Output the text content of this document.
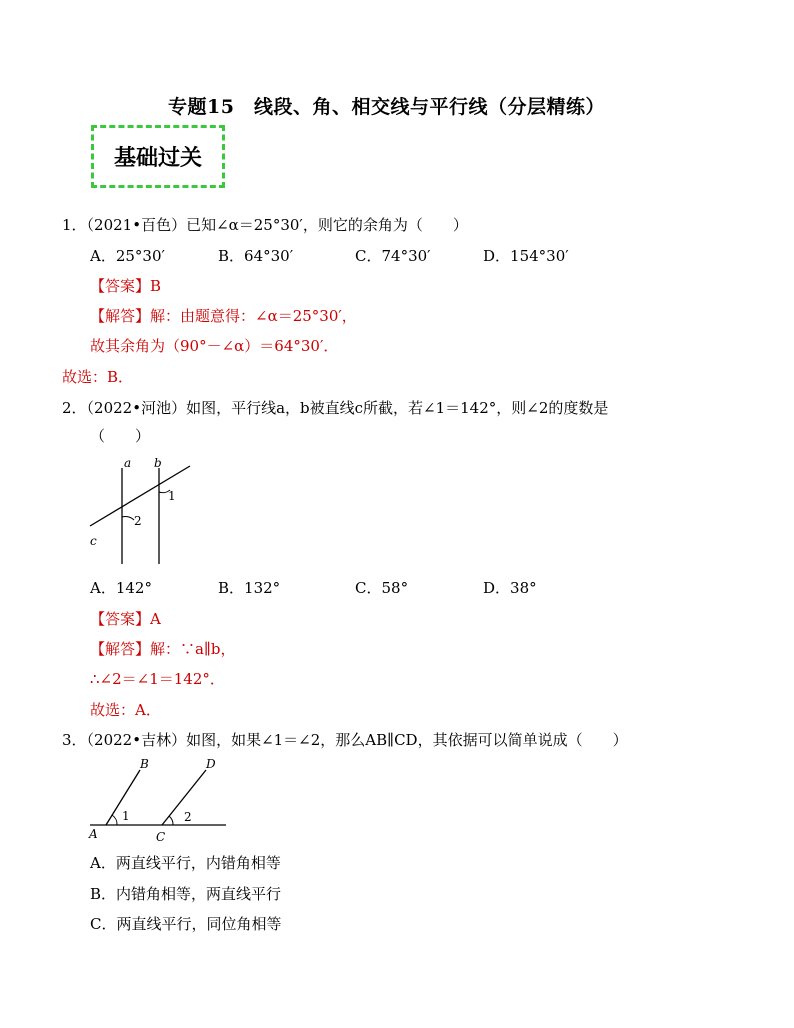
专题15　线段、角、相交线与平行线（分层精练）
基础过关
1．（2021•百色）已知∠α＝25°30′，则它的余角为（　　）
A．25°30′	B．64°30′	C．74°30′	D．154°30′
【答案】B
【解答】解：由题意得：∠α＝25°30′，
故其余角为（90°－∠α）＝64°30′．
故选：B．
2．（2022•河池）如图，平行线a，b被直线c所截，若∠1＝142°，则∠2的度数是
（　　）
a b
c
1
2
A．142°	B．132°	C．58°	D．38°
【答案】A
【解答】解：∵a∥b，
∴∠2＝∠1＝142°．
故选：A．
3．（2022•吉林）如图，如果∠1＝∠2，那么AB∥CD，其依据可以简单说成（　　）
B	D
A	C
1	2
A．两直线平行，内错角相等
B．内错角相等，两直线平行
C．两直线平行，同位角相等
